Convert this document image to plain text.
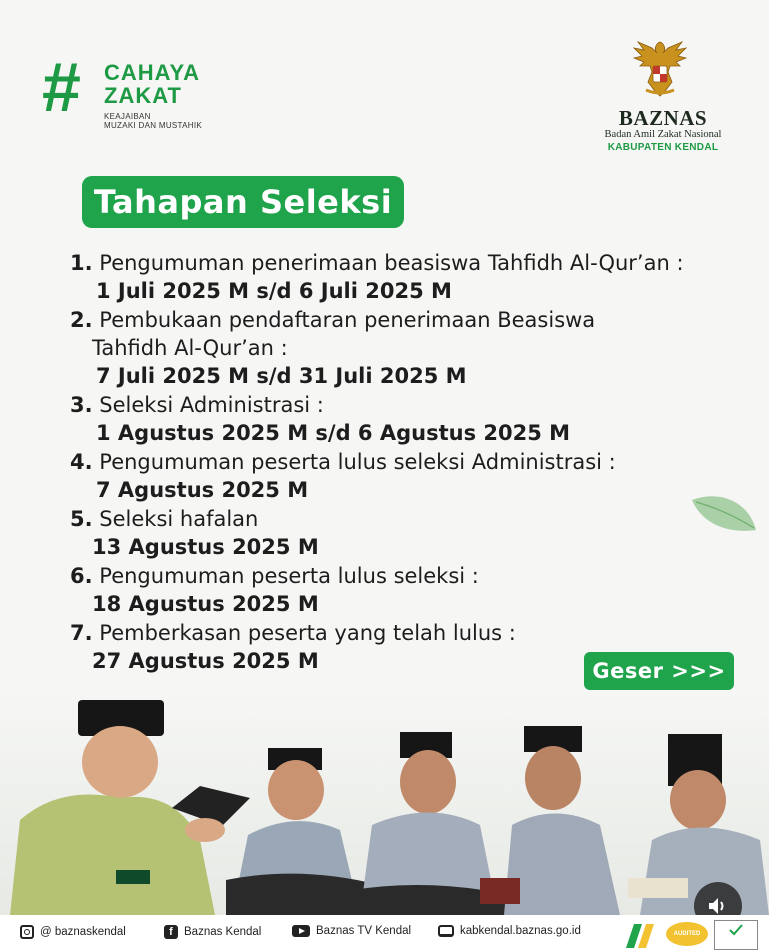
# CAHAYA
ZAKAT
KEAJAIBAN
MUZAKI DAN MUSTAHIK	BAZNAS
Badan Amil Zakat Nasional
KABUPATEN KENDAL
Tahapan Seleksi
1. Pengumuman penerimaan beasiswa Tahfidh Al-Qur’an :
1 Juli 2025 M s/d 6 Juli 2025 M
2. Pembukaan pendaftaran penerimaan Beasiswa
Tahfidh Al-Qur’an :
7 Juli 2025 M s/d 31 Juli 2025 M
3. Seleksi Administrasi :
1 Agustus 2025 M s/d 6 Agustus 2025 M
4. Pengumuman peserta lulus seleksi Administrasi :
7 Agustus 2025 M
5. Seleksi hafalan
13 Agustus 2025 M
6. Pengumuman peserta lulus seleksi :
18 Agustus 2025 M
7. Pemberkasan peserta yang telah lulus :
27 Agustus 2025 M	Geser >>>
@ baznaskendal	f Baznas Kendal	Baznas TV Kendal	kabkendal.baznas.go.id	AUDITED
